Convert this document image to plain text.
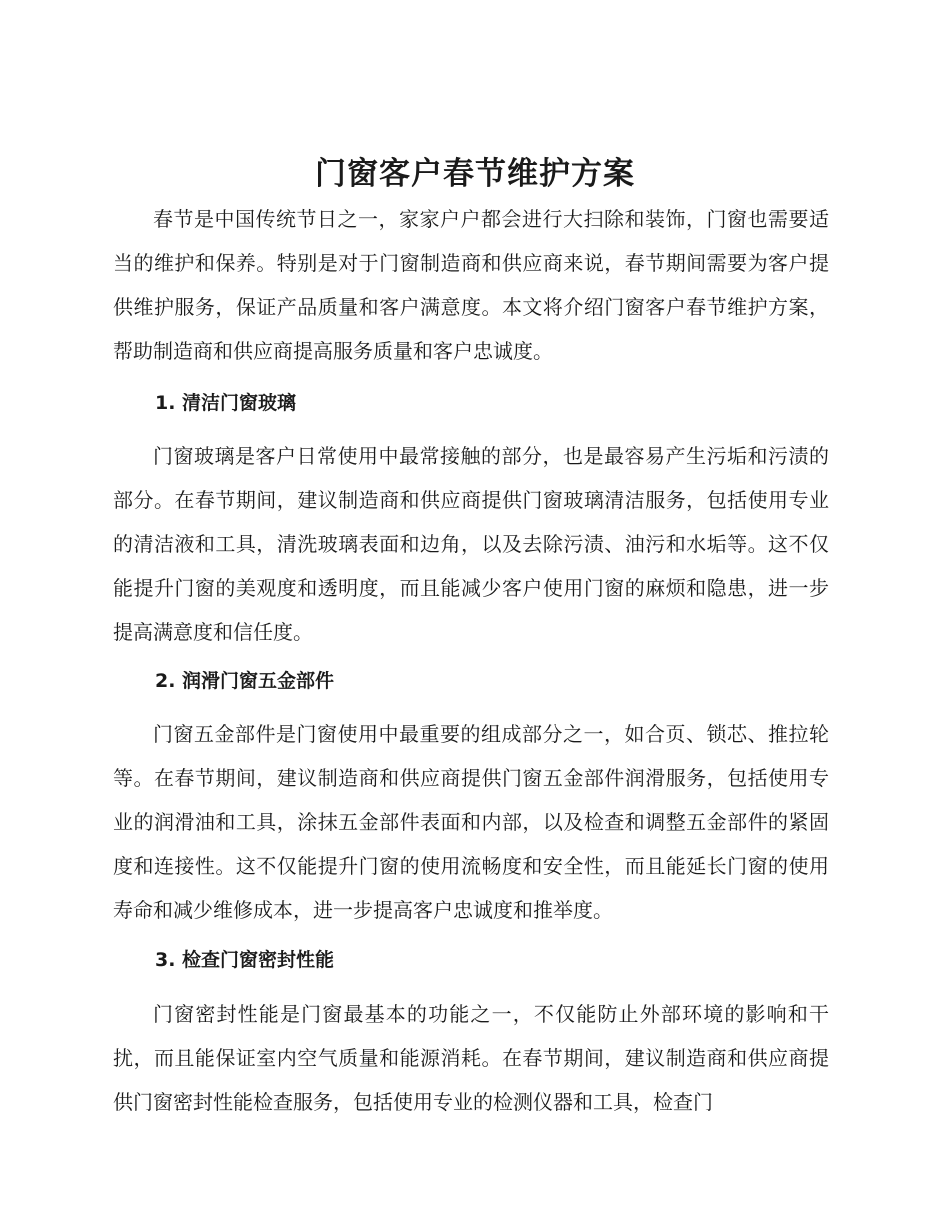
门窗客户春节维护方案

春节是中国传统节日之一，家家户户都会进行大扫除和装饰，门窗也需要适当的维护和保养。特别是对于门窗制造商和供应商来说，春节期间需要为客户提供维护服务，保证产品质量和客户满意度。本文将介绍门窗客户春节维护方案，帮助制造商和供应商提高服务质量和客户忠诚度。

1. 清洁门窗玻璃

门窗玻璃是客户日常使用中最常接触的部分，也是最容易产生污垢和污渍的部分。在春节期间，建议制造商和供应商提供门窗玻璃清洁服务，包括使用专业的清洁液和工具，清洗玻璃表面和边角，以及去除污渍、油污和水垢等。这不仅能提升门窗的美观度和透明度，而且能减少客户使用门窗的麻烦和隐患，进一步提高满意度和信任度。

2. 润滑门窗五金部件

门窗五金部件是门窗使用中最重要的组成部分之一，如合页、锁芯、推拉轮等。在春节期间，建议制造商和供应商提供门窗五金部件润滑服务，包括使用专业的润滑油和工具，涂抹五金部件表面和内部，以及检查和调整五金部件的紧固度和连接性。这不仅能提升门窗的使用流畅度和安全性，而且能延长门窗的使用寿命和减少维修成本，进一步提高客户忠诚度和推举度。

3. 检查门窗密封性能

门窗密封性能是门窗最基本的功能之一，不仅能防止外部环境的影响和干扰，而且能保证室内空气质量和能源消耗。在春节期间，建议制造商和供应商提供门窗密封性能检查服务，包括使用专业的检测仪器和工具，检查门
